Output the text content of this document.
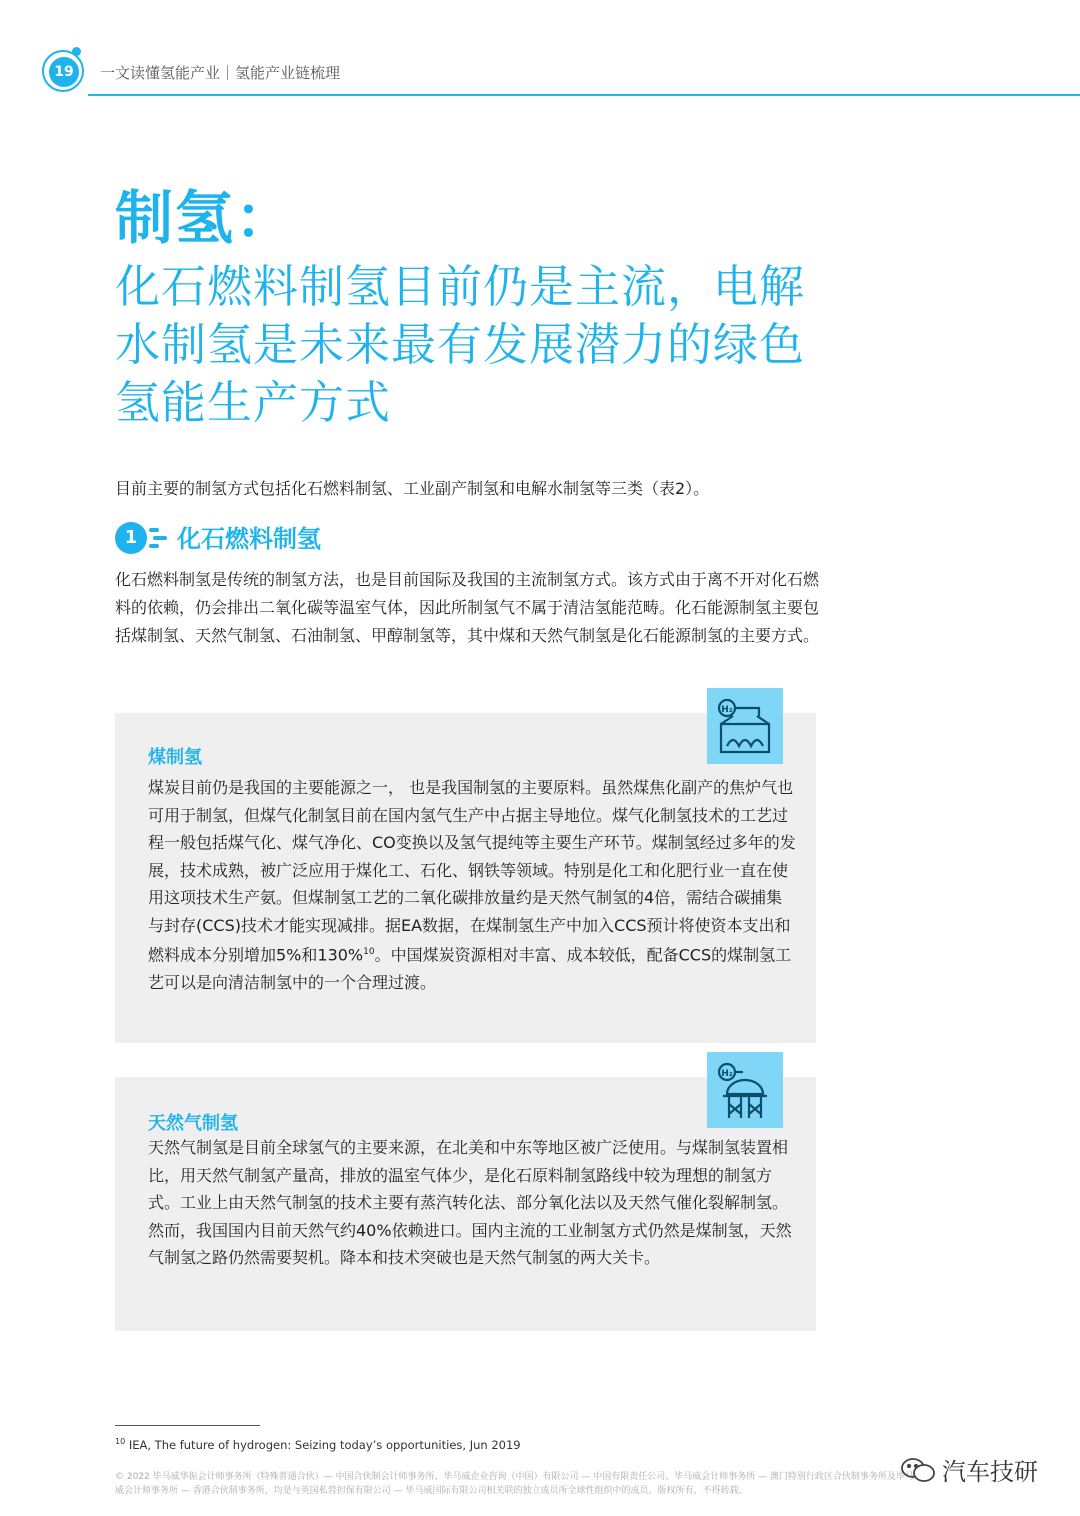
19	一文读懂氢能产业｜氢能产业链梳理
制氢：
化石燃料制氢目前仍是主流，电解水制氢是未来最有发展潜力的绿色氢能生产方式
目前主要的制氢方式包括化石燃料制氢、工业副产制氢和电解水制氢等三类（表2）。
1	化石燃料制氢
化石燃料制氢是传统的制氢方法，也是目前国际及我国的主流制氢方式。该方式由于离不开对化石燃料的依赖，仍会排出二氧化碳等温室气体，因此所制氢气不属于清洁氢能范畴。化石能源制氢主要包括煤制氢、天然气制氢、石油制氢、甲醇制氢等，其中煤和天然气制氢是化石能源制氢的主要方式。
煤制氢
煤炭目前仍是我国的主要能源之一， 也是我国制氢的主要原料。虽然煤焦化副产的焦炉气也可用于制氢，但煤气化制氢目前在国内氢气生产中占据主导地位。煤气化制氢技术的工艺过程一般包括煤气化、煤气净化、CO变换以及氢气提纯等主要生产环节。煤制氢经过多年的发展，技术成熟，被广泛应用于煤化工、石化、钢铁等领域。特别是化工和化肥行业一直在使用这项技术生产氨。但煤制氢工艺的二氧化碳排放量约是天然气制氢的4倍，需结合碳捕集与封存(CCS)技术才能实现减排。据EA数据，在煤制氢生产中加入CCS预计将使资本支出和燃料成本分别增加5%和130%$^{10}$。中国煤炭资源相对丰富、成本较低，配备CCS的煤制氢工艺可以是向清洁制氢中的一个合理过渡。
H₂
天然气制氢
天然气制氢是目前全球氢气的主要来源，在北美和中东等地区被广泛使用。与煤制氢装置相比，用天然气制氢产量高，排放的温室气体少，是化石原料制氢路线中较为理想的制氢方式。工业上由天然气制氢的技术主要有蒸汽转化法、部分氧化法以及天然气催化裂解制氢。然而，我国国内目前天然气约40%依赖进口。国内主流的工业制氢方式仍然是煤制氢，天然气制氢之路仍然需要契机。降本和技术突破也是天然气制氢的两大关卡。
H₂
$^{10}$ IEA, The future of hydrogen: Seizing today’s opportunities, Jun 2019
© 2022 毕马威华振会计师事务所（特殊普通合伙）— 中国合伙制会计师事务所、毕马威企业咨询（中国）有限公司 — 中国有限责任公司、毕马威会计师事务所 — 澳门特别行政区合伙制事务所及毕马威会计师事务所 — 香港合伙制事务所，均是与英国私营担保有限公司 — 毕马威国际有限公司相关联的独立成员所全球性组织中的成员。版权所有，不得转载。
汽车技研
